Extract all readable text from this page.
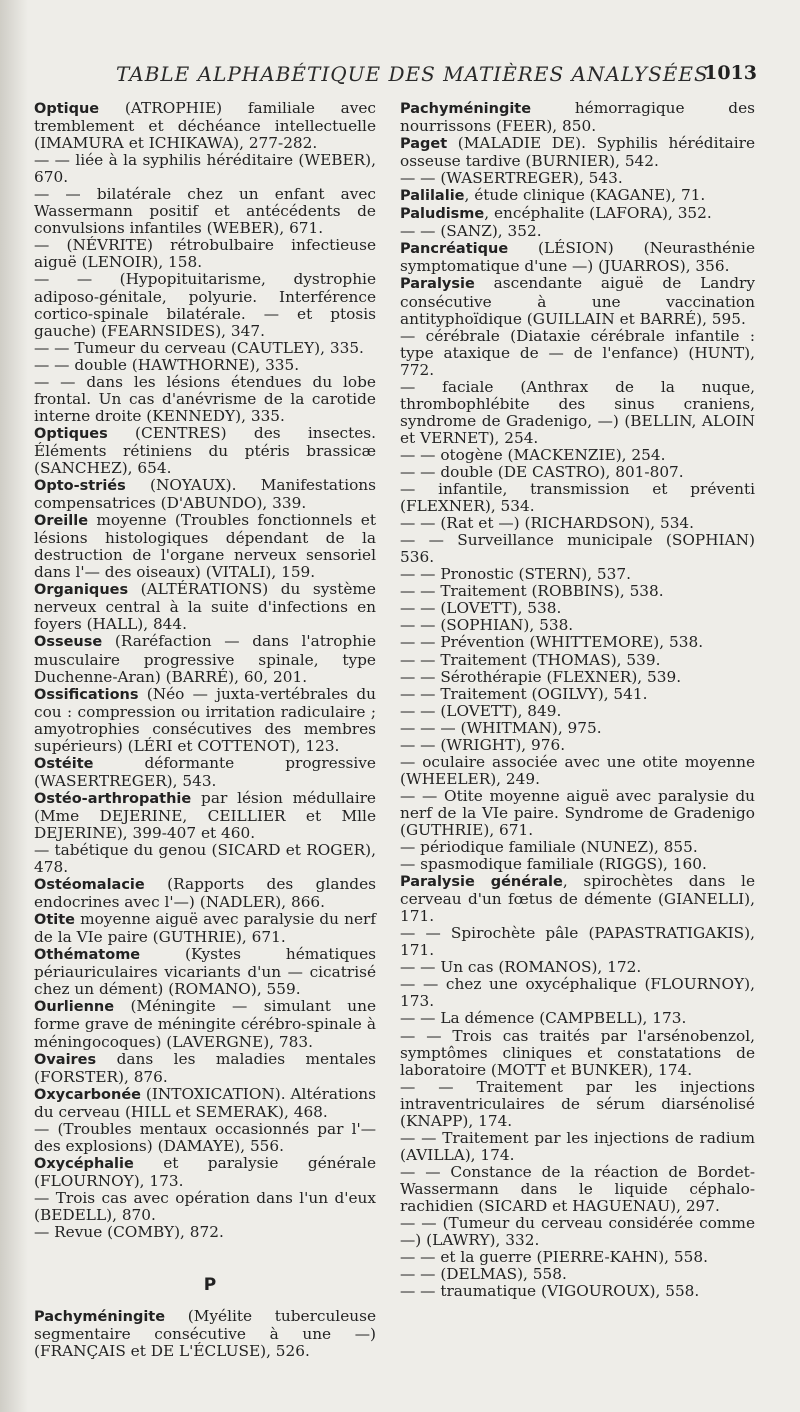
TABLE ALPHABÉTIQUE DES MATIÈRES ANALYSÉES
1013
Optique (ATROPHIE) familiale avec tremblement et déchéance intellectuelle (IMAMURA et ICHIKAWA), 277-282.
— — liée à la syphilis héréditaire (WEBER), 670.
— — bilatérale chez un enfant avec Wassermann positif et antécédents de convulsions infantiles (WEBER), 671.
— (NÉVRITE) rétrobulbaire infectieuse aiguë (LENOIR), 158.
— — (Hypopituitarisme, dystrophie adiposo-génitale, polyurie. Interférence cortico-spinale bilatérale. — et ptosis gauche) (FEARNSIDES), 347.
— — Tumeur du cerveau (CAUTLEY), 335.
— — double (HAWTHORNE), 335.
— — dans les lésions étendues du lobe frontal. Un cas d'anévrisme de la carotide interne droite (KENNEDY), 335.
Optiques (CENTRES) des insectes. Éléments rétiniens du ptéris brassicæ (SANCHEZ), 654.
Opto-striés (NOYAUX). Manifestations compensatrices (D'ABUNDO), 339.
Oreille moyenne (Troubles fonctionnels et lésions histologiques dépendant de la destruction de l'organe nerveux sensoriel dans l'— des oiseaux) (VITALI), 159.
Organiques (ALTÉRATIONS) du système nerveux central à la suite d'infections en foyers (HALL), 844.
Osseuse (Raréfaction — dans l'atrophie musculaire progressive spinale, type Duchenne-Aran) (BARRÉ), 60, 201.
Ossifications (Néo — juxta-vertébrales du cou : compression ou irritation radiculaire ; amyotrophies consécutives des membres supérieurs) (LÉRI et COTTENOT), 123.
Ostéite déformante progressive (WASERTREGER), 543.
Ostéo-arthropathie par lésion médullaire (Mme DEJERINE, CEILLIER et Mlle DEJERINE), 399-407 et 460.
— tabétique du genou (SICARD et ROGER), 478.
Ostéomalacie (Rapports des glandes endocrines avec l'—) (NADLER), 866.
Otite moyenne aiguë avec paralysie du nerf de la VIe paire (GUTHRIE), 671.
Othématome (Kystes hématiques périauriculaires vicariants d'un — cicatrisé chez un dément) (ROMANO), 559.
Ourlienne (Méningite — simulant une forme grave de méningite cérébro-spinale à méningocoques) (LAVERGNE), 783.
Ovaires dans les maladies mentales (FORSTER), 876.
Oxycarbonée (INTOXICATION). Altérations du cerveau (HILL et SEMERAK), 468.
— (Troubles mentaux occasionnés par l'— des explosions) (DAMAYE), 556.
Oxycéphalie et paralysie générale (FLOURNOY), 173.
— Trois cas avec opération dans l'un d'eux (BEDELL), 870.
— Revue (COMBY), 872.
P
Pachyméningite (Myélite tuberculeuse segmentaire consécutive à une —) (FRANÇAIS et DE L'ÉCLUSE), 526.
Pachyméningite hémorragique des nourrissons (FEER), 850.
Paget (MALADIE DE). Syphilis héréditaire osseuse tardive (BURNIER), 542.
— — (WASERTREGER), 543.
Palilalie, étude clinique (KAGANE), 71.
Paludisme, encéphalite (LAFORA), 352.
— — (SANZ), 352.
Pancréatique (LÉSION) (Neurasthénie symptomatique d'une —) (JUARROS), 356.
Paralysie ascendante aiguë de Landry consécutive à une vaccination antityphoïdique (GUILLAIN et BARRÉ), 595.
— cérébrale (Diataxie cérébrale infantile : type ataxique de — de l'enfance) (HUNT), 772.
— faciale (Anthrax de la nuque, thrombophlébite des sinus craniens, syndrome de Gradenigo, —) (BELLIN, ALOIN et VERNET), 254.
— — otogène (MACKENZIE), 254.
— — double (DE CASTRO), 801-807.
— infantile, transmission et préventi (FLEXNER), 534.
— — (Rat et —) (RICHARDSON), 534.
— — Surveillance municipale (SOPHIAN) 536.
— — Pronostic (STERN), 537.
— — Traitement (ROBBINS), 538.
— — (LOVETT), 538.
— — (SOPHIAN), 538.
— — Prévention (WHITTEMORE), 538.
— — Traitement (THOMAS), 539.
— — Sérothérapie (FLEXNER), 539.
— — Traitement (OGILVY), 541.
— — (LOVETT), 849.
— — — (WHITMAN), 975.
— — (WRIGHT), 976.
— oculaire associée avec une otite moyenne (WHEELER), 249.
— — Otite moyenne aiguë avec paralysie du nerf de la VIe paire. Syndrome de Gradenigo (GUTHRIE), 671.
— périodique familiale (NUNEZ), 855.
— spasmodique familiale (RIGGS), 160.
Paralysie générale, spirochètes dans le cerveau d'un fœtus de démente (GIANELLI), 171.
— — Spirochète pâle (PAPASTRATIGAKIS), 171.
— — Un cas (ROMANOS), 172.
— — chez une oxycéphalique (FLOURNOY), 173.
— — La démence (CAMPBELL), 173.
— — Trois cas traités par l'arsénobenzol, symptômes cliniques et constatations de laboratoire (MOTT et BUNKER), 174.
— — Traitement par les injections intraventriculaires de sérum diarsénolisé (KNAPP), 174.
— — Traitement par les injections de radium (AVILLA), 174.
— — Constance de la réaction de Bordet-Wassermann dans le liquide céphalo-rachidien (SICARD et HAGUENAU), 297.
— — (Tumeur du cerveau considérée comme —) (LAWRY), 332.
— — et la guerre (PIERRE-KAHN), 558.
— — (DELMAS), 558.
— — traumatique (VIGOUROUX), 558.
